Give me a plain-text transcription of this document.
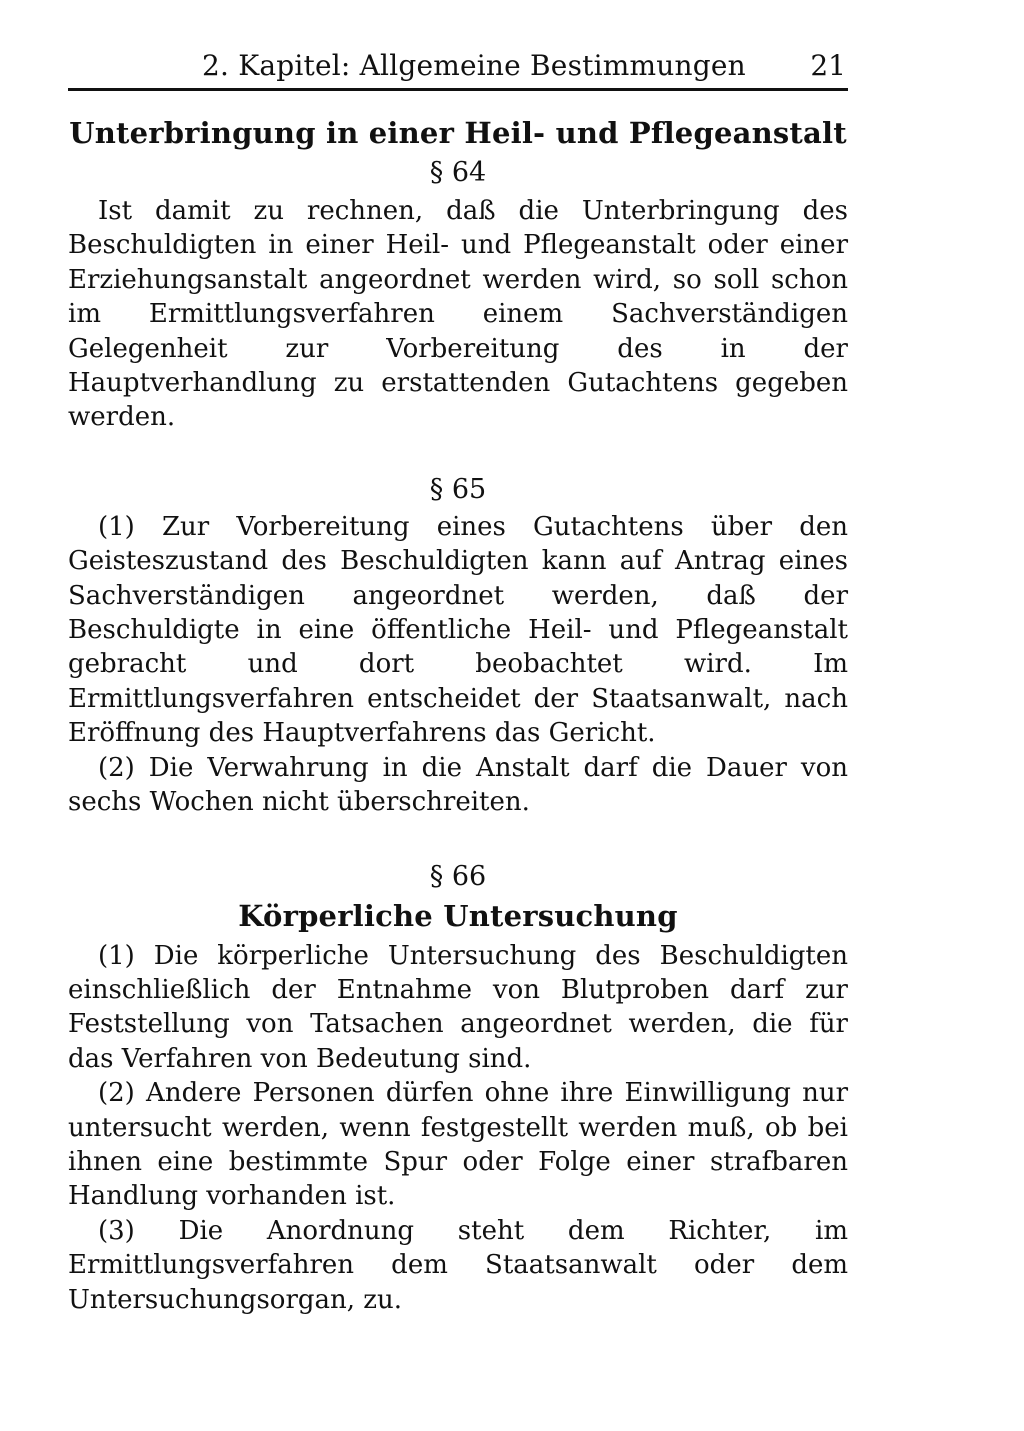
2. Kapitel: Allgemeine Bestimmungen 21
Unterbringung in einer Heil- und Pflegeanstalt
§ 64

Ist damit zu rechnen, daß die Unterbringung des Beschuldigten in einer Heil- und Pflegeanstalt oder einer Erziehungsanstalt angeordnet werden wird, so soll schon im Ermittlungsverfahren einem Sachverständigen Gelegenheit zur Vorbereitung des in der Hauptverhandlung zu erstattenden Gutachtens gegeben werden.

§ 65

(1) Zur Vorbereitung eines Gutachtens über den Geisteszustand des Beschuldigten kann auf Antrag eines Sachverständigen angeordnet werden, daß der Beschuldigte in eine öffentliche Heil- und Pflegeanstalt gebracht und dort beobachtet wird. Im Ermittlungsverfahren entscheidet der Staatsanwalt, nach Eröffnung des Hauptverfahrens das Gericht.

(2) Die Verwahrung in die Anstalt darf die Dauer von sechs Wochen nicht überschreiten.

§ 66
Körperliche Untersuchung

(1) Die körperliche Untersuchung des Beschuldigten einschließlich der Entnahme von Blutproben darf zur Feststellung von Tatsachen angeordnet werden, die für das Verfahren von Bedeutung sind.

(2) Andere Personen dürfen ohne ihre Einwilligung nur untersucht werden, wenn festgestellt werden muß, ob bei ihnen eine bestimmte Spur oder Folge einer strafbaren Handlung vorhanden ist.

(3) Die Anordnung steht dem Richter, im Ermittlungsverfahren dem Staatsanwalt oder dem Untersuchungsorgan, zu.
